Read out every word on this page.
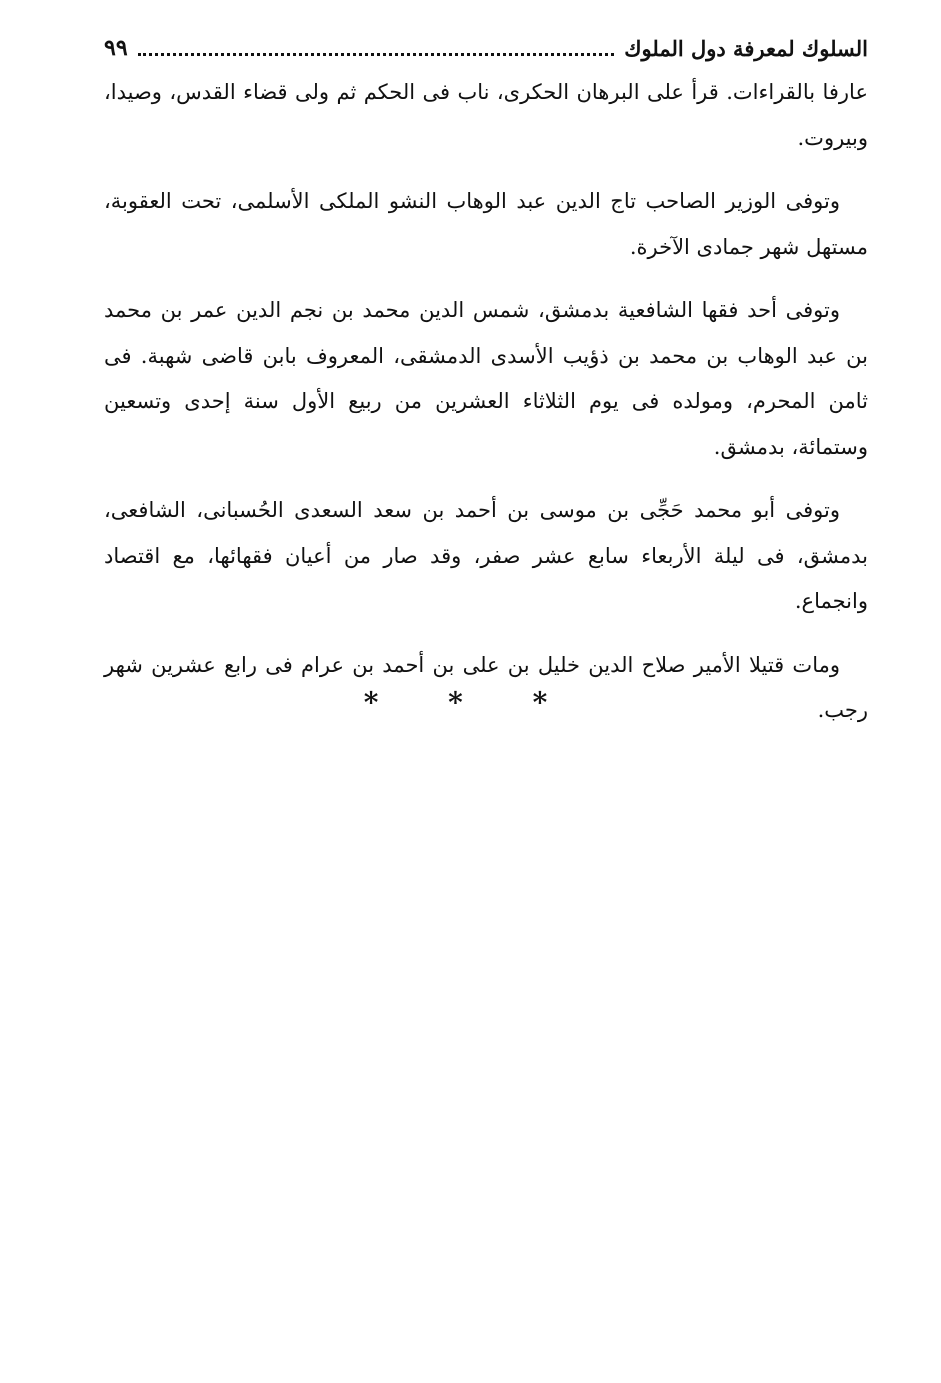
السلوك لمعرفة دول الملوك
٩٩

عارفا بالقراءات. قرأ على البرهان الحكرى، ناب فى الحكم ثم ولى قضاء القدس، وصيدا، وبيروت.

وتوفى الوزير الصاحب تاج الدين عبد الوهاب النشو الملكى الأسلمى، تحت العقوبة، مستهل شهر جمادى الآخرة.

وتوفى أحد فقها الشافعية بدمشق، شمس الدين محمد بن نجم الدين عمر بن محمد بن عبد الوهاب بن محمد بن ذؤيب الأسدى الدمشقى، المعروف بابن قاضى شهبة. فى ثامن المحرم، ومولده فى يوم الثلاثاء العشرين من ربيع الأول سنة إحدى وتسعين وستمائة، بدمشق.

وتوفى أبو محمد حَجِّى بن موسى بن أحمد بن سعد السعدى الحُسبانى، الشافعى، بدمشق، فى ليلة الأربعاء سابع عشر صفر، وقد صار من أعيان فقهائها، مع اقتصاد وانجماع.

ومات قتيلا الأمير صلاح الدين خليل بن على بن أحمد بن عرام فى رابع عشرين شهر رجب.

* * *
